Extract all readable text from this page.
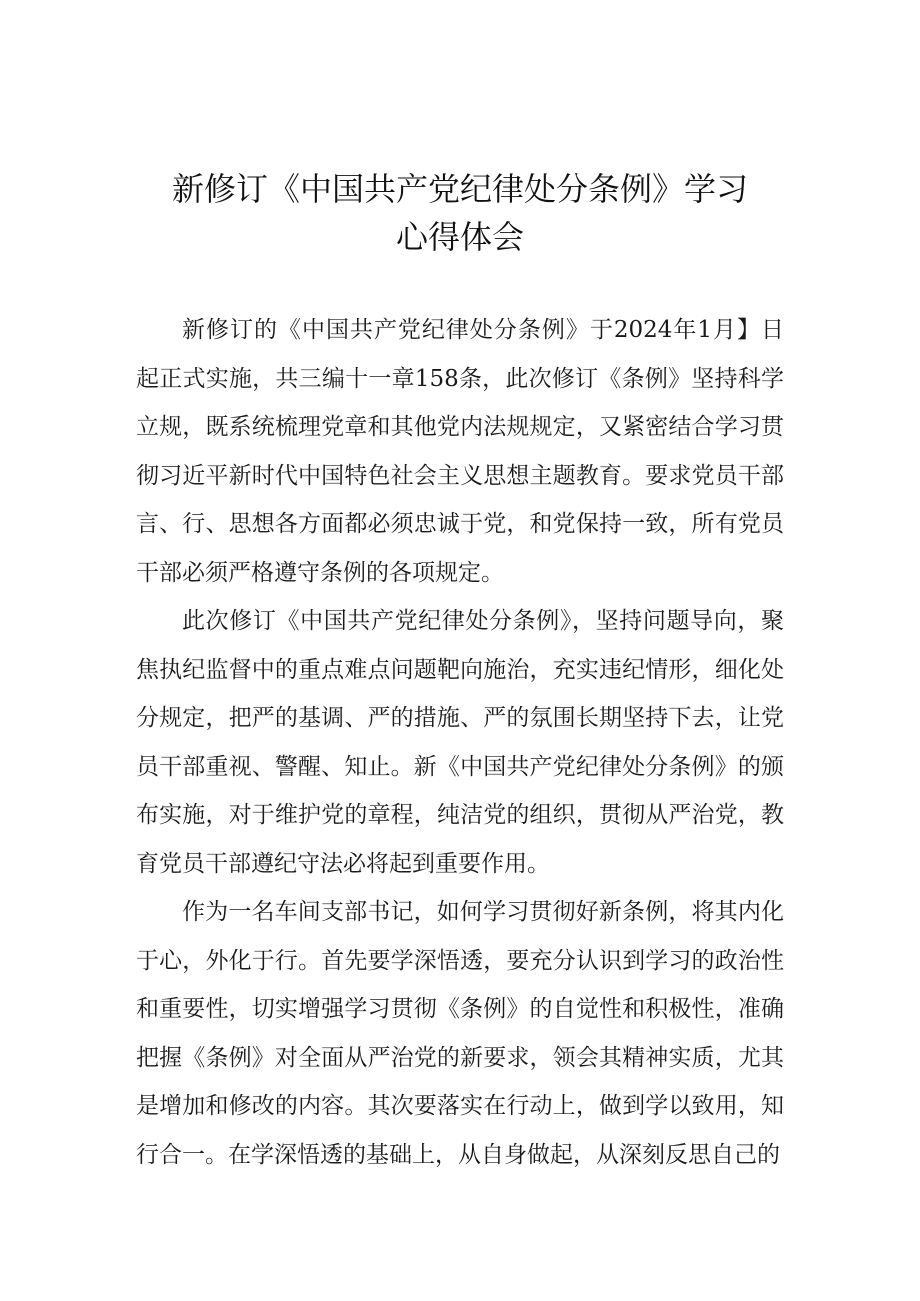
新修订《中国共产党纪律处分条例》学习
心得体会

新修订的《中国共产党纪律处分条例》于2024年1月】日起正式实施，共三编十一章158条，此次修订《条例》坚持科学立规，既系统梳理党章和其他党内法规规定，又紧密结合学习贯彻习近平新时代中国特色社会主义思想主题教育。要求党员干部言、行、思想各方面都必须忠诚于党，和党保持一致，所有党员干部必须严格遵守条例的各项规定。

此次修订《中国共产党纪律处分条例》，坚持问题导向，聚焦执纪监督中的重点难点问题靶向施治，充实违纪情形，细化处分规定，把严的基调、严的措施、严的氛围长期坚持下去，让党员干部重视、警醒、知止。新《中国共产党纪律处分条例》的颁布实施，对于维护党的章程，纯洁党的组织，贯彻从严治党，教育党员干部遵纪守法必将起到重要作用。

作为一名车间支部书记，如何学习贯彻好新条例，将其内化于心，外化于行。首先要学深悟透，要充分认识到学习的政治性和重要性，切实增强学习贯彻《条例》的自觉性和积极性，准确把握《条例》对全面从严治党的新要求，领会其精神实质，尤其是增加和修改的内容。其次要落实在行动上，做到学以致用，知行合一。在学深悟透的基础上，从自身做起，从深刻反思自己的
